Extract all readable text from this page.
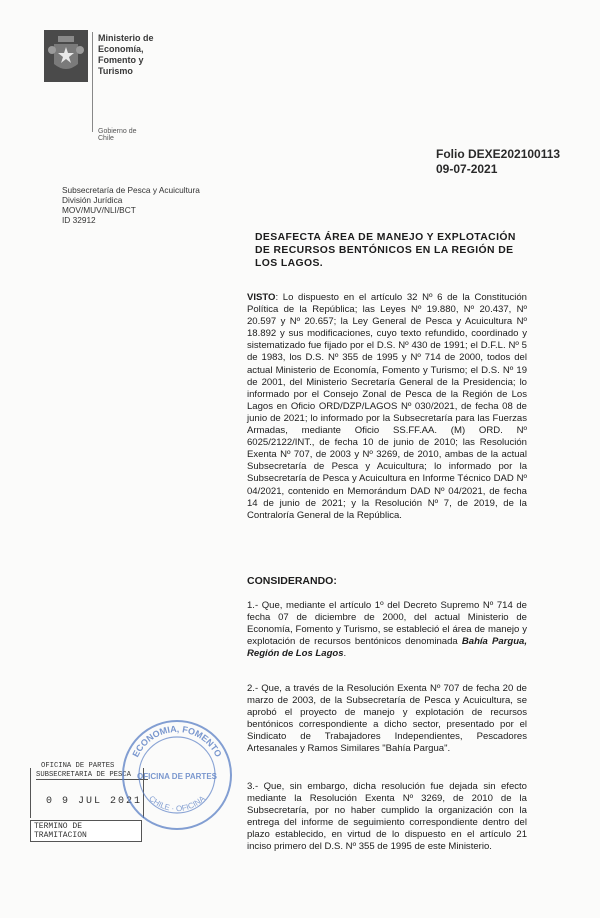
Ministerio de
Economía,
Fomento y
Turismo
Gobierno de Chile
Folio DEXE202100113
09-07-2021
Subsecretaría de Pesca y Acuicultura
División Jurídica
MOV/MUV/NLI/BCT
ID 32912
DESAFECTA ÁREA DE MANEJO Y EXPLOTACIÓN DE RECURSOS BENTÓNICOS EN LA REGIÓN DE LOS LAGOS.
VISTO: Lo dispuesto en el artículo 32 Nº 6 de la Constitución Política de la República; las Leyes Nº 19.880, Nº 20.437, Nº 20.597 y Nº 20.657; la Ley General de Pesca y Acuicultura Nº 18.892 y sus modificaciones, cuyo texto refundido, coordinado y sistematizado fue fijado por el D.S. Nº 430 de 1991; el D.F.L. Nº 5 de 1983, los D.S. Nº 355 de 1995 y Nº 714 de 2000, todos del actual Ministerio de Economía, Fomento y Turismo; el D.S. Nº 19 de 2001, del Ministerio Secretaría General de la Presidencia; lo informado por el Consejo Zonal de Pesca de la Región de Los Lagos en Oficio ORD/DZP/LAGOS Nº 030/2021, de fecha 08 de junio de 2021; lo informado por la Subsecretaría para las Fuerzas Armadas, mediante Oficio SS.FF.AA. (M) ORD. Nº 6025/2122/INT., de fecha 10 de junio de 2010; las Resolución Exenta Nº 707, de 2003 y Nº 3269, de 2010, ambas de la actual Subsecretaría de Pesca y Acuicultura; lo informado por la Subsecretaría de Pesca y Acuicultura en Informe Técnico DAD Nº 04/2021, contenido en Memorándum DAD Nº 04/2021, de fecha 14 de junio de 2021; y la Resolución Nº 7, de 2019, de la Contraloría General de la República.
CONSIDERANDO:
1.- Que, mediante el artículo 1º del Decreto Supremo Nº 714 de fecha 07 de diciembre de 2000, del actual Ministerio de Economía, Fomento y Turismo, se estableció el área de manejo y explotación de recursos bentónicos denominada Bahía Pargua, Región de Los Lagos.
2.- Que, a través de la Resolución Exenta Nº 707 de fecha 20 de marzo de 2003, de la Subsecretaría de Pesca y Acuicultura, se aprobó el proyecto de manejo y explotación de recursos bentónicos correspondiente a dicho sector, presentado por el Sindicato de Trabajadores Independientes, Pescadores Artesanales y Ramos Similares "Bahía Pargua".
3.- Que, sin embargo, dicha resolución fue dejada sin efecto mediante la Resolución Exenta Nº 3269, de 2010 de la Subsecretaría, por no haber cumplido la organización con la entrega del informe de seguimiento correspondiente dentro del plazo establecido, en virtud de lo dispuesto en el artículo 21 inciso primero del D.S. Nº 355 de 1995 de este Ministerio.
OFICINA DE PARTES
SUBSECRETARIA DE PESCA
0 9 JUL 2021
TERMINO DE TRAMITACION
ECONOMIA, FOMENTO
CHILE · OFICINA
OFICINA DE PARTES
